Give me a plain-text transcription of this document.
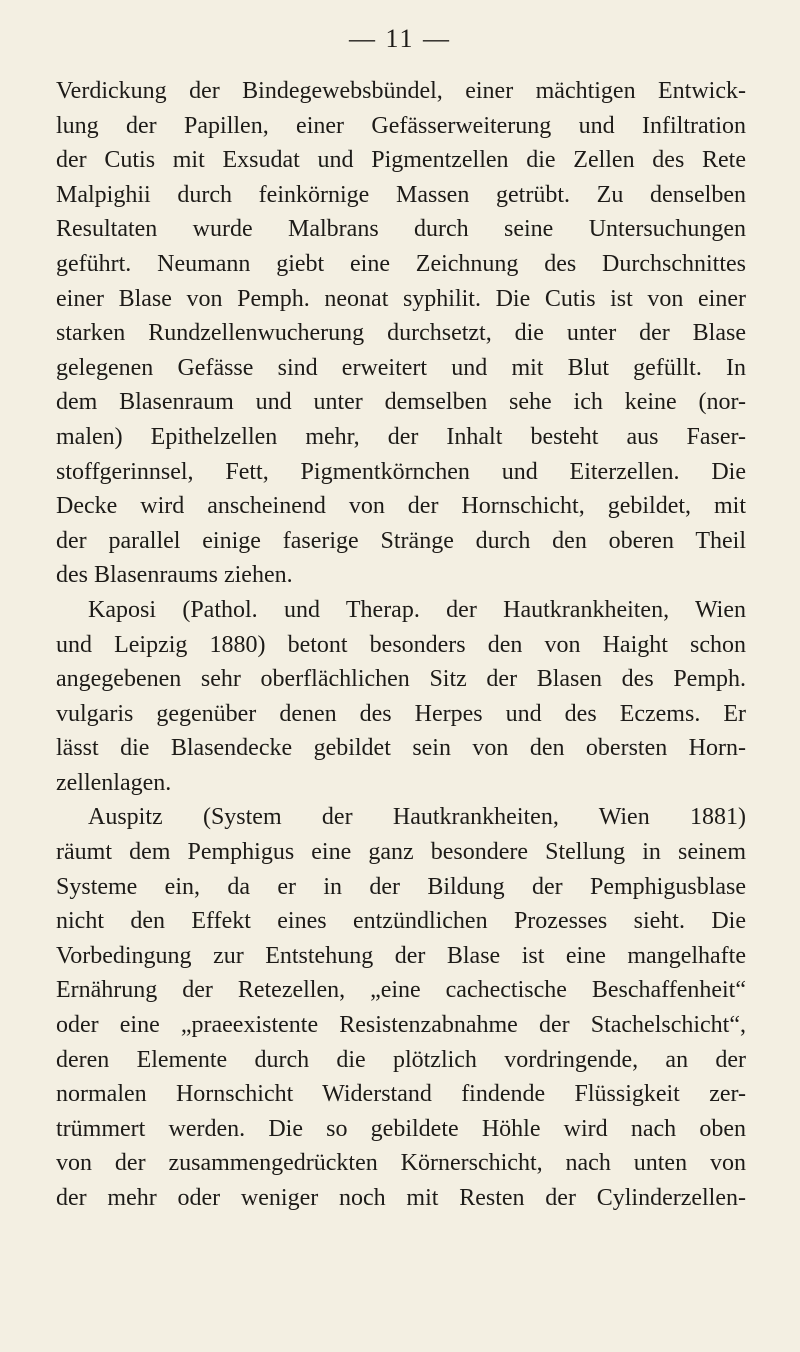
— 11 —
Verdickung der Bindegewebsbündel, einer mächtigen Entwick-
lung der Papillen, einer Gefässerweiterung und Infiltration
der Cutis mit Exsudat und Pigmentzellen die Zellen des Rete
Malpighii durch feinkörnige Massen getrübt. Zu denselben
Resultaten wurde Malbrans durch seine Untersuchungen
geführt. Neumann giebt eine Zeichnung des Durchschnittes
einer Blase von Pemph. neonat syphilit. Die Cutis ist von einer
starken Rundzellenwucherung durchsetzt, die unter der Blase
gelegenen Gefässe sind erweitert und mit Blut gefüllt. In
dem Blasenraum und unter demselben sehe ich keine (nor-
malen) Epithelzellen mehr, der Inhalt besteht aus Faser-
stoffgerinnsel, Fett, Pigmentkörnchen und Eiterzellen. Die
Decke wird anscheinend von der Hornschicht, gebildet, mit
der parallel einige faserige Stränge durch den oberen Theil
des Blasenraums ziehen.
Kaposi (Pathol. und Therap. der Hautkrankheiten, Wien
und Leipzig 1880) betont besonders den von Haight schon
angegebenen sehr oberflächlichen Sitz der Blasen des Pemph.
vulgaris gegenüber denen des Herpes und des Eczems. Er
lässt die Blasendecke gebildet sein von den obersten Horn-
zellenlagen.
Auspitz (System der Hautkrankheiten, Wien 1881)
räumt dem Pemphigus eine ganz besondere Stellung in seinem
Systeme ein, da er in der Bildung der Pemphigusblase
nicht den Effekt eines entzündlichen Prozesses sieht. Die
Vorbedingung zur Entstehung der Blase ist eine mangelhafte
Ernährung der Retezellen, „eine cachectische Beschaffenheit“
oder eine „praeexistente Resistenzabnahme der Stachelschicht“,
deren Elemente durch die plötzlich vordringende, an der
normalen Hornschicht Widerstand findende Flüssigkeit zer-
trümmert werden. Die so gebildete Höhle wird nach oben
von der zusammengedrückten Körnerschicht, nach unten von
der mehr oder weniger noch mit Resten der Cylinderzellen-
